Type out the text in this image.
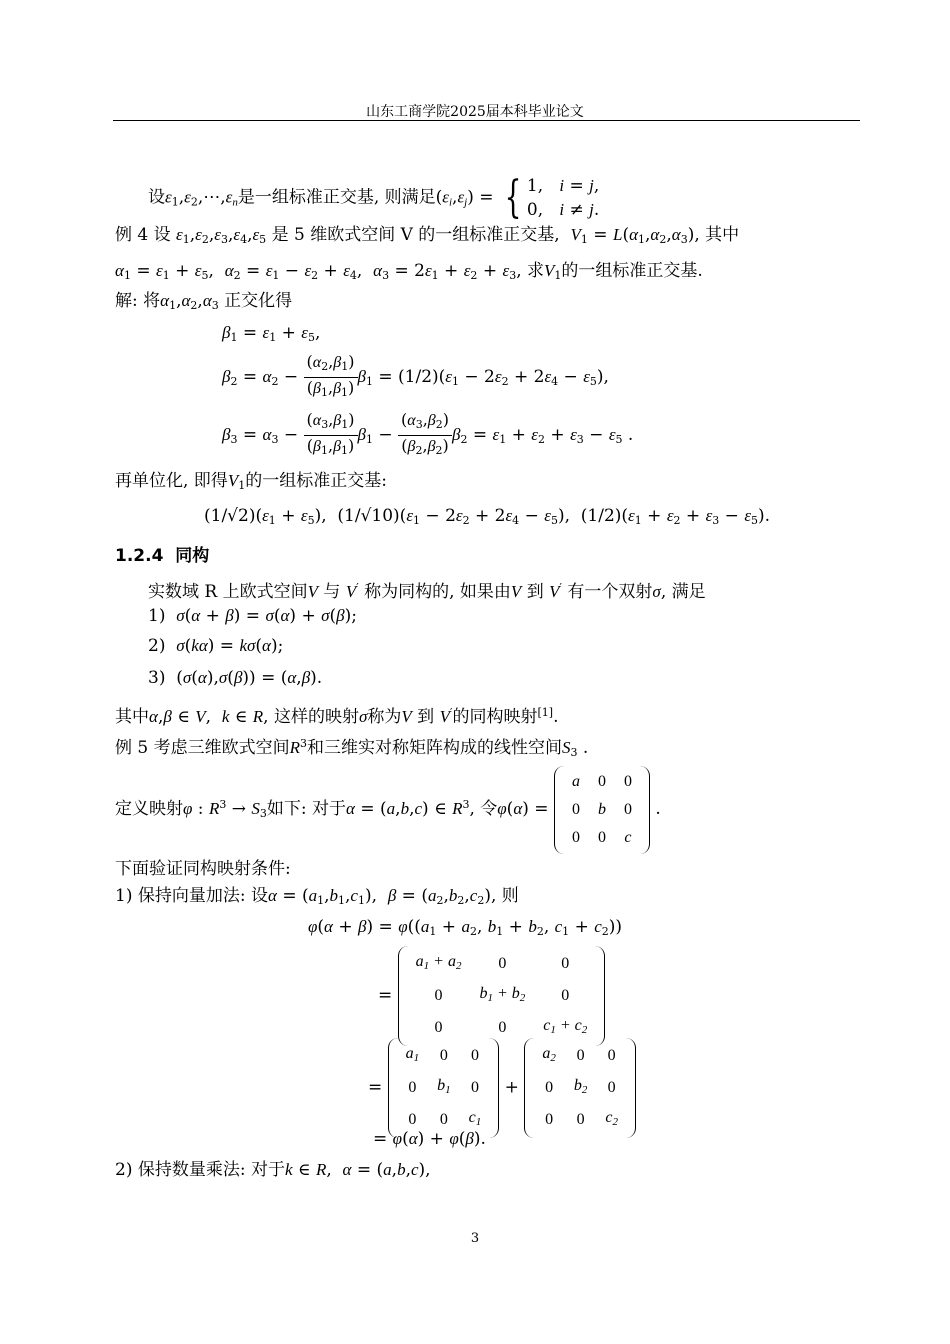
山东工商学院2025届本科毕业论文
设$\varepsilon_1,\varepsilon_2,\cdots,\varepsilon_n$是一组标准正交基, 则满足$(\varepsilon_i,\varepsilon_j)$ = { 1,   i = j,
0,   i ≠ j.
例 4 设 $\varepsilon_1,\varepsilon_2,\varepsilon_3,\varepsilon_4,\varepsilon_5$ 是 5 维欧式空间 V 的一组标准正交基, $V_1 = L(\alpha_1,\alpha_2,\alpha_3)$, 其中
$\alpha_1 = \varepsilon_1 + \varepsilon_5$,  $\alpha_2 = \varepsilon_1 - \varepsilon_2 + \varepsilon_4$,  $\alpha_3 = 2\varepsilon_1 + \varepsilon_2 + \varepsilon_3$, 求$V_1$的一组标准正交基.
解: 将$\alpha_1,\alpha_2,\alpha_3$ 正交化得
$\beta_1 = \varepsilon_1 + \varepsilon_5$,
$\beta_2 = \alpha_2 - \frac{(\alpha_2,\beta_1)}{(\beta_1,\beta_1)} \beta_1 = (1/2)(\varepsilon_1 - 2\varepsilon_2 + 2\varepsilon_4 - \varepsilon_5)$,
$\beta_3 = \alpha_3 - \frac{(\alpha_3,\beta_1)}{(\beta_1,\beta_1)} \beta_1 - \frac{(\alpha_3,\beta_2)}{(\beta_2,\beta_2)} \beta_2 = \varepsilon_1 + \varepsilon_2 + \varepsilon_3 - \varepsilon_5$ .
再单位化, 即得$V_1$的一组标准正交基:
$(1/√2)(\varepsilon_1 + \varepsilon_5)$,  $(1/√10)(\varepsilon_1 - 2\varepsilon_2 + 2\varepsilon_4 - \varepsilon_5)$,  $(1/2)(\varepsilon_1 + \varepsilon_2 + \varepsilon_3 - \varepsilon_5)$.
1.2.4 同构
实数域 R 上欧式空间V 与 V′ 称为同构的, 如果由V 到 V′ 有一个双射σ, 满足
1)  σ(α + β) = σ(α) + σ(β);
2)  σ(kα) = kσ(α);
3)  (σ(α),σ(β)) = (α,β).
其中α,β ∈ V,  k ∈ R, 这样的映射σ称为V 到 V′的同构映射[1].
例 5 考虑三维欧式空间$R^3$和三维实对称矩阵构成的线性空间$S_3$ .
定义映射φ : $R^3 \to S_3$如下: 对于α = (a,b,c) ∈ $R^3$, 令φ(α) =
a	0	0
0	b	0
0	0	c
.
下面验证同构映射条件:
1) 保持向量加法: 设$\alpha = (a_1,b_1,c_1)$,  $\beta = (a_2,b_2,c_2)$, 则
$\varphi(\alpha + \beta) = \varphi((a_1 + a_2$, $b_1 + b_2$, $c_1 + c_2$))
=
$a_1 + a_2$	0	0
0	$b_1 + b_2$	0
0	0	$c_1 + c_2$
=
$a_1$	0	0
0	$b_1$	0
0	0	$c_1$
+
$a_2$	0	0
0	$b_2$	0
0	0	$c_2$
= φ(α) + φ(β).
2) 保持数量乘法: 对于k ∈ R,  α = (a,b,c),
3
